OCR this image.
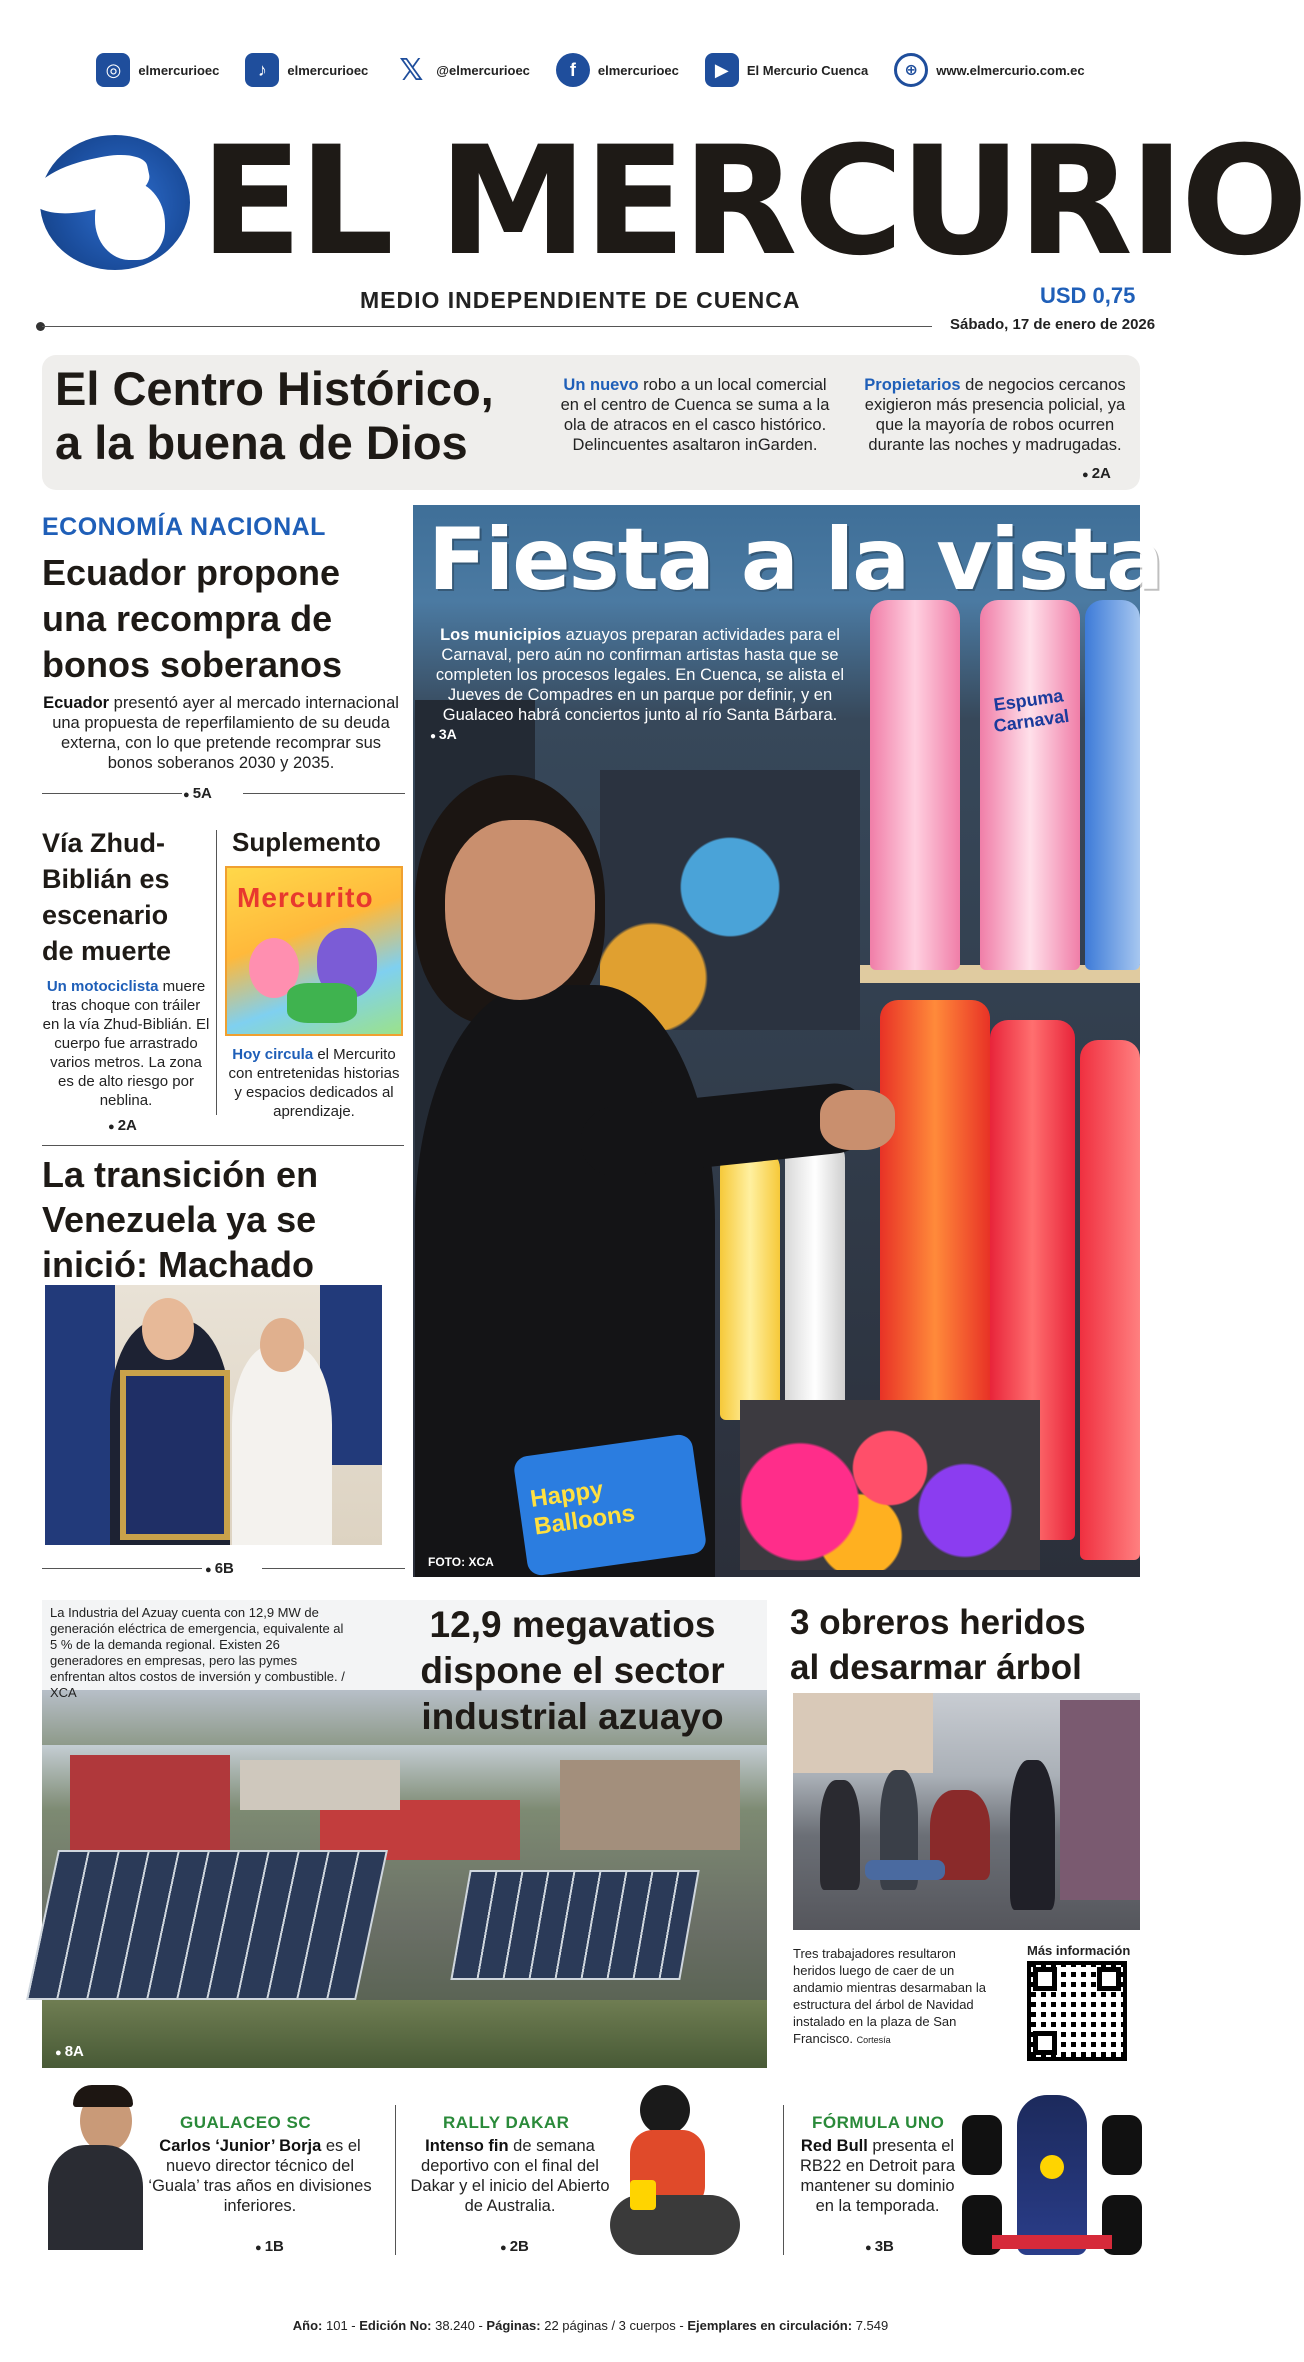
◎	elmercurioec	♪	elmercurioec 𝕏 @elmercurioec	f	elmercurioec	▶	El Mercurio Cuenca	⊕	www.elmercurio.com.ec
EL MERCURIO
MEDIO INDEPENDIENTE DE CUENCA	USD 0,75
Sábado, 17 de enero de 2026
El Centro Histórico,
a la buena de Dios
Un nuevo robo a un local comercial en el centro de Cuenca se suma a la ola de atracos en el casco histórico. Delincuentes asaltaron inGarden.
Propietarios de negocios cercanos exigieron más presencia policial, ya que la mayoría de robos ocurren durante las noches y madrugadas.
● 2A
ECONOMÍA NACIONAL
Ecuador propone
una recompra de
bonos soberanos
Ecuador presentó ayer al mercado internacional una propuesta de reperfilamiento de su deuda externa, con lo que pretende recomprar sus bonos soberanos 2030 y 2035.
● 5A
Vía Zhud-
Biblián es
escenario
de muerte
Un motociclista muere tras choque con tráiler en la vía Zhud-Biblián. El cuerpo fue arrastrado varios metros. La zona es de alto riesgo por neblina.
● 2A
Suplemento
Mercurito
Hoy circula el Mercurito con entretenidas historias y espacios dedicados al aprendizaje.
La transición en
Venezuela ya se
inició: Machado
● 6B
Espuma Carnaval
Happy Balloons
Fiesta a la vista
Los municipios azuayos preparan actividades para el Carnaval, pero aún no confirman artistas hasta que se completen los procesos legales. En Cuenca, se alista el Jueves de Compadres en un parque por definir, y en Gualaceo habrá conciertos junto al río Santa Bárbara.
● 3A
FOTO: XCA
La Industria del Azuay cuenta con 12,9 MW de generación eléctrica de emergencia, equivalente al 5 % de la demanda regional. Existen 26 generadores en empresas, pero las pymes enfrentan altos costos de inversión y combustible. / XCA
12,9 megavatios
dispone el sector
industrial azuayo
● 8A
3 obreros heridos
al desarmar árbol
Tres trabajadores resultaron heridos luego de caer de un andamio mientras desarmaban la estructura del árbol de Navidad instalado en la plaza de San Francisco. Cortesía
Más información
GUALACEO SC
Carlos ‘Junior’ Borja es el nuevo director técnico del ‘Guala’ tras años en divisiones inferiores.
● 1B
RALLY DAKAR
Intenso fin de semana deportivo con el final del Dakar y el inicio del Abierto de Australia.
● 2B
FÓRMULA UNO
Red Bull presenta el RB22 en Detroit para mantener su dominio en la temporada.
● 3B
Año: 101 - Edición No: 38.240 - Páginas: 22 páginas / 3 cuerpos - Ejemplares en circulación: 7.549
